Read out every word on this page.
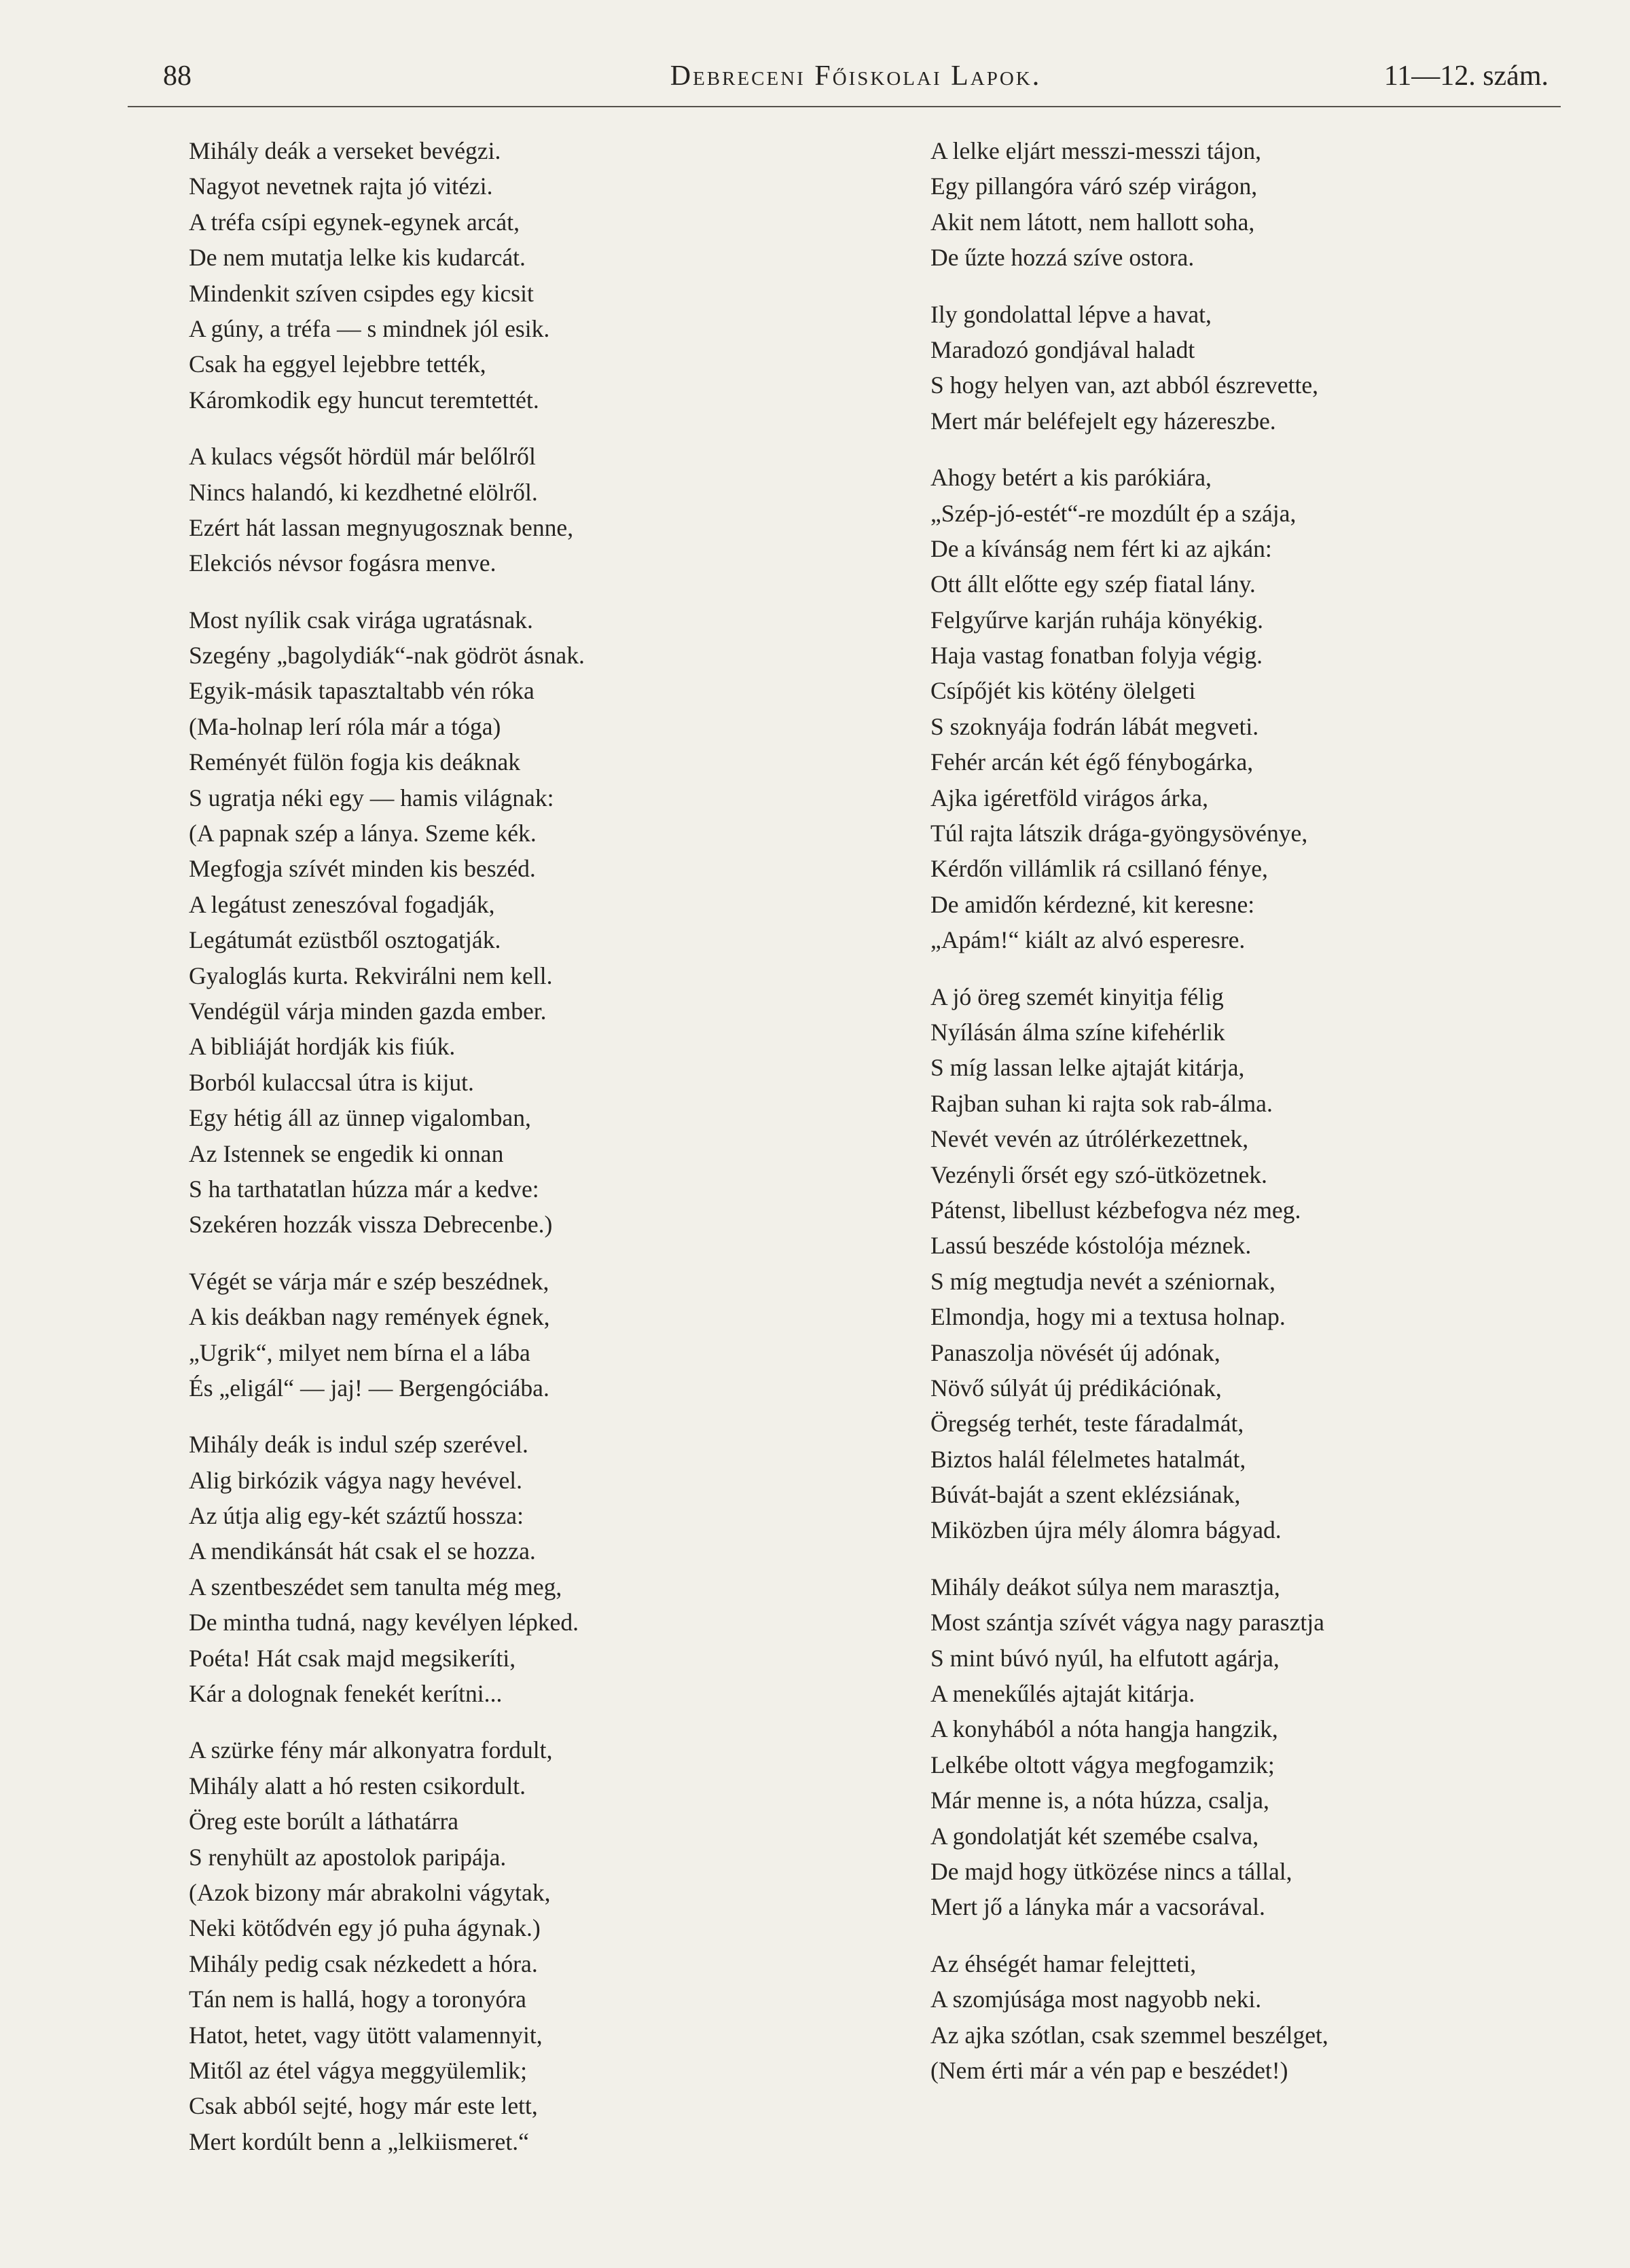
88	Debreceni Főiskolai Lapok.	11—12. szám.
Mihály deák a verseket bevégzi.
Nagyot nevetnek rajta jó vitézi.
A tréfa csípi egynek-egynek arcát,
De nem mutatja lelke kis kudarcát.
Mindenkit szíven csipdes egy kicsit
A gúny, a tréfa — s mindnek jól esik.
Csak ha eggyel lejebbre tették,
Káromkodik egy huncut teremtettét.
A kulacs végsőt hördül már belőlről
Nincs halandó, ki kezdhetné elölről.
Ezért hát lassan megnyugosznak benne,
Elekciós névsor fogásra menve.
Most nyílik csak virága ugratásnak.
Szegény „bagolydiák“-nak gödröt ásnak.
Egyik-másik tapasztaltabb vén róka
(Ma-holnap lerí róla már a tóga)
Reményét fülön fogja kis deáknak
S ugratja néki egy — hamis világnak:
(A papnak szép a lánya. Szeme kék.
Megfogja szívét minden kis beszéd.
A legátust zeneszóval fogadják,
Legátumát ezüstből osztogatják.
Gyaloglás kurta. Rekvirálni nem kell.
Vendégül várja minden gazda ember.
A bibliáját hordják kis fiúk.
Borból kulaccsal útra is kijut.
Egy hétig áll az ünnep vigalomban,
Az Istennek se engedik ki onnan
S ha tarthatatlan húzza már a kedve:
Szekéren hozzák vissza Debrecenbe.)
Végét se várja már e szép beszédnek,
A kis deákban nagy remények égnek,
„Ugrik“, milyet nem bírna el a lába
És „eligál“ — jaj! — Bergengóciába.
Mihály deák is indul szép szerével.
Alig birkózik vágya nagy hevével.
Az útja alig egy-két száztű hossza:
A mendikánsát hát csak el se hozza.
A szentbeszédet sem tanulta még meg,
De mintha tudná, nagy kevélyen lépked.
Poéta! Hát csak majd megsikeríti,
Kár a dolognak fenekét kerítni...
A szürke fény már alkonyatra fordult,
Mihály alatt a hó resten csikordult.
Öreg este borúlt a láthatárra
S renyhült az apostolok paripája.
(Azok bizony már abrakolni vágytak,
Neki kötődvén egy jó puha ágynak.)
Mihály pedig csak nézkedett a hóra.
Tán nem is hallá, hogy a toronyóra
Hatot, hetet, vagy ütött valamennyit,
Mitől az étel vágya meggyülemlik;
Csak abból sejté, hogy már este lett,
Mert kordúlt benn a „lelkiismeret.“
A lelke eljárt messzi-messzi tájon,
Egy pillangóra váró szép virágon,
Akit nem látott, nem hallott soha,
De űzte hozzá szíve ostora.
Ily gondolattal lépve a havat,
Maradozó gondjával haladt
S hogy helyen van, azt abból észrevette,
Mert már beléfejelt egy házereszbe.
Ahogy betért a kis parókiára,
„Szép-jó-estét“-re mozdúlt ép a szája,
De a kívánság nem fért ki az ajkán:
Ott állt előtte egy szép fiatal lány.
Felgyűrve karján ruhája könyékig.
Haja vastag fonatban folyja végig.
Csípőjét kis kötény ölelgeti
S szoknyája fodrán lábát megveti.
Fehér arcán két égő fénybogárka,
Ajka igéretföld virágos árka,
Túl rajta látszik drága-gyöngysövénye,
Kérdőn villámlik rá csillanó fénye,
De amidőn kérdezné, kit keresne:
„Apám!“ kiált az alvó esperesre.
A jó öreg szemét kinyitja félig
Nyílásán álma színe kifehérlik
S míg lassan lelke ajtaját kitárja,
Rajban suhan ki rajta sok rab-álma.
Nevét vevén az útrólérkezettnek,
Vezényli őrsét egy szó-ütközetnek.
Pátenst, libellust kézbefogva néz meg.
Lassú beszéde kóstolója méznek.
S míg megtudja nevét a széniornak,
Elmondja, hogy mi a textusa holnap.
Panaszolja növését új adónak,
Növő súlyát új prédikációnak,
Öregség terhét, teste fáradalmát,
Biztos halál félelmetes hatalmát,
Búvát-baját a szent eklézsiának,
Miközben újra mély álomra bágyad.
Mihály deákot súlya nem marasztja,
Most szántja szívét vágya nagy parasztja
S mint búvó nyúl, ha elfutott agárja,
A menekűlés ajtaját kitárja.
A konyhából a nóta hangja hangzik,
Lelkébe oltott vágya megfogamzik;
Már menne is, a nóta húzza, csalja,
A gondolatját két szemébe csalva,
De majd hogy ütközése nincs a tállal,
Mert jő a lányka már a vacsorával.
Az éhségét hamar felejtteti,
A szomjúsága most nagyobb neki.
Az ajka szótlan, csak szemmel beszélget,
(Nem érti már a vén pap e beszédet!)
